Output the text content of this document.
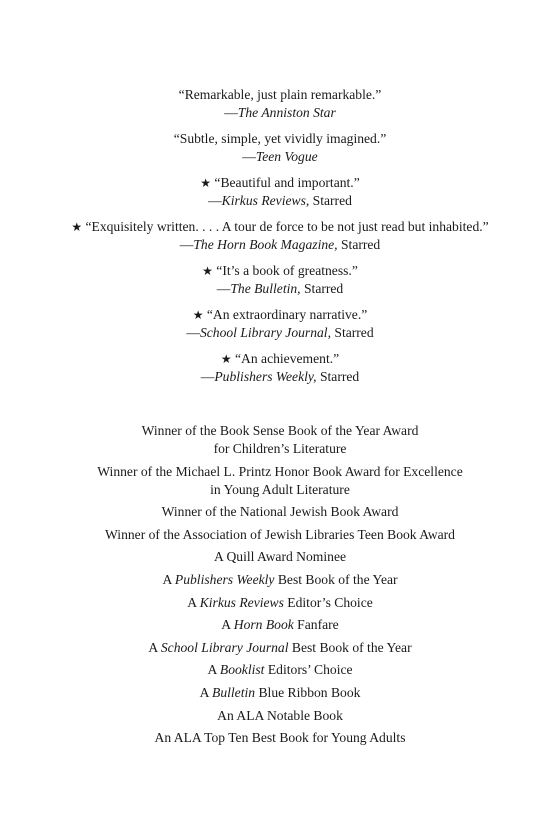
“Remarkable, just plain remarkable.”
—The Anniston Star
“Subtle, simple, yet vividly imagined.”
—Teen Vogue
★ “Beautiful and important.”
—Kirkus Reviews, Starred
★ “Exquisitely written. . . . A tour de force to be not just read but inhabited.”
—The Horn Book Magazine, Starred
★ “It’s a book of greatness.”
—The Bulletin, Starred
★ “An extraordinary narrative.”
—School Library Journal, Starred
★ “An achievement.”
—Publishers Weekly, Starred
Winner of the Book Sense Book of the Year Award
for Children’s Literature
Winner of the Michael L. Printz Honor Book Award for Excellence
in Young Adult Literature
Winner of the National Jewish Book Award
Winner of the Association of Jewish Libraries Teen Book Award
A Quill Award Nominee
A Publishers Weekly Best Book of the Year
A Kirkus Reviews Editor’s Choice
A Horn Book Fanfare
A School Library Journal Best Book of the Year
A Booklist Editors’ Choice
A Bulletin Blue Ribbon Book
An ALA Notable Book
An ALA Top Ten Best Book for Young Adults
